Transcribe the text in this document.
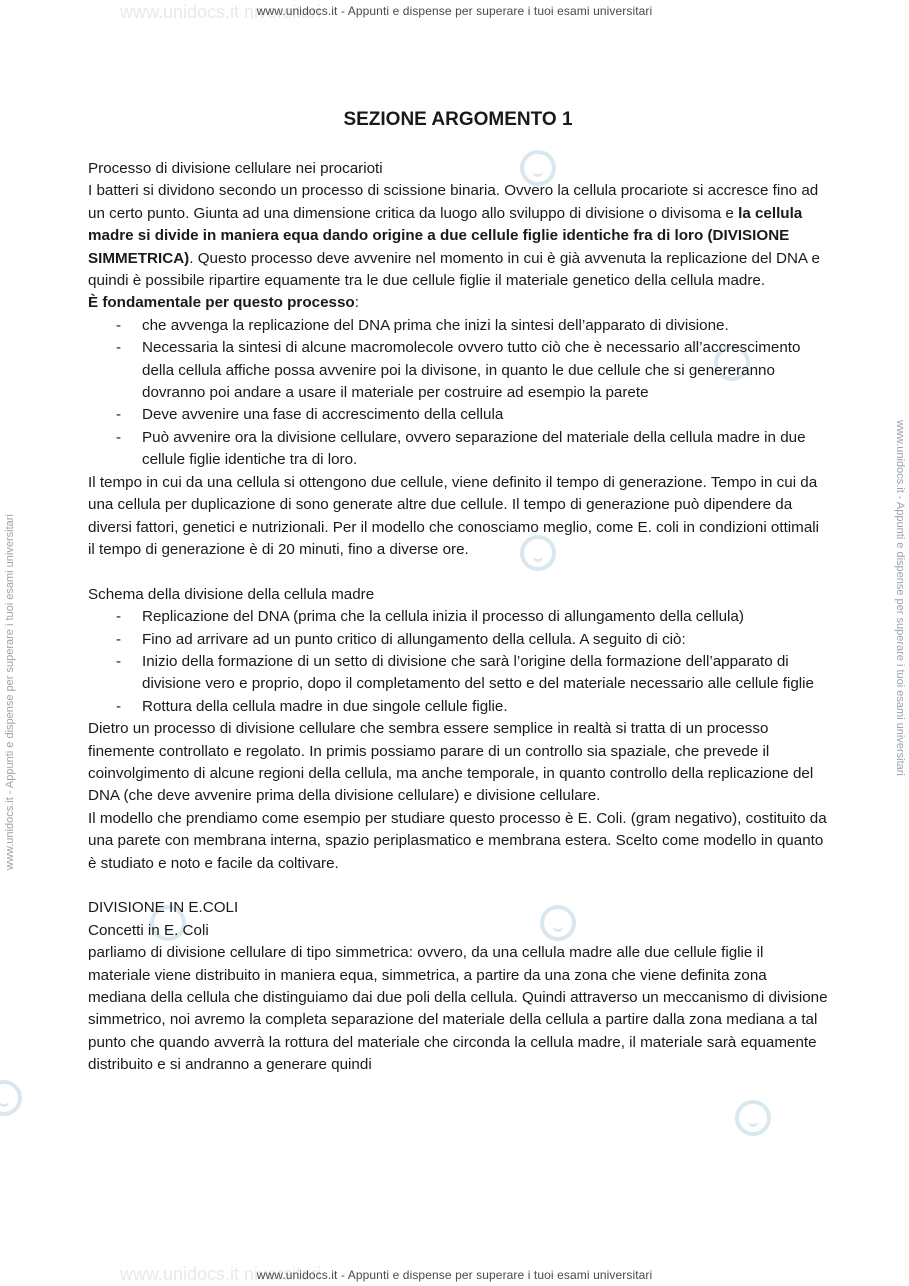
www.unidocs.it niversitari
www.unidocs.it - Appunti e dispense per superare i tuoi esami universitari
www.unidocs.it - Appunti e dispense per superare i tuoi esami universitari	www.unidocs.it - Appunti e dispense per superare i tuoi esami universitari
SEZIONE ARGOMENTO 1

Processo di divisione cellulare nei procarioti

I batteri si dividono secondo un processo di scissione binaria. Ovvero la cellula procariote si accresce fino ad un certo punto. Giunta ad una dimensione critica da luogo allo sviluppo di divisione o divisoma e la cellula madre si divide in maniera equa dando origine a due cellule figlie identiche fra di loro (DIVISIONE SIMMETRICA). Questo processo deve avvenire nel momento in cui è già avvenuta la replicazione del DNA e quindi è possibile ripartire equamente tra le due cellule figlie il materiale genetico della cellula madre.

È fondamentale per questo processo:

- che avvenga la replicazione del DNA prima che inizi la sintesi dell’apparato di divisione.
- Necessaria la sintesi di alcune macromolecole ovvero tutto ciò che è necessario all’accrescimento della cellula affiche possa avvenire poi la divisone, in quanto le due cellule che si genereranno dovranno poi andare a usare il materiale per costruire ad esempio la parete
- Deve avvenire una fase di accrescimento della cellula
- Può avvenire ora la divisione cellulare, ovvero separazione del materiale della cellula madre in due cellule figlie identiche tra di loro.

Il tempo in cui da una cellula si ottengono due cellule, viene definito il tempo di generazione. Tempo in cui da una cellula per duplicazione di sono generate altre due cellule. Il tempo di generazione può dipendere da diversi fattori, genetici e nutrizionali. Per il modello che conosciamo meglio, come E. coli in condizioni ottimali il tempo di generazione è di 20 minuti, fino a diverse ore.

Schema della divisione della cellula madre

- Replicazione del DNA (prima che la cellula inizia il processo di allungamento della cellula)
- Fino ad arrivare ad un punto critico di allungamento della cellula. A seguito di ciò:
- Inizio della formazione di un setto di divisione che sarà l’origine della formazione dell’apparato di divisione vero e proprio, dopo il completamento del setto e del materiale necessario alle cellule figlie
- Rottura della cellula madre in due singole cellule figlie.

Dietro un processo di divisione cellulare che sembra essere semplice in realtà si tratta di un processo finemente controllato e regolato. In primis possiamo parare di un controllo sia spaziale, che prevede il coinvolgimento di alcune regioni della cellula, ma anche temporale, in quanto controllo della replicazione del DNA (che deve avvenire prima della divisione cellulare) e divisione cellulare.

Il modello che prendiamo come esempio per studiare questo processo è E. Coli. (gram negativo), costituito da una parete con membrana interna, spazio periplasmatico e membrana estera. Scelto come modello in quanto è studiato e noto e facile da coltivare.

DIVISIONE IN E.COLI

Concetti in E. Coli

parliamo di divisione cellulare di tipo simmetrica: ovvero, da una cellula madre alle due cellule figlie il materiale viene distribuito in maniera equa, simmetrica, a partire da una zona che viene definita zona mediana della cellula che distinguiamo dai due poli della cellula. Quindi attraverso un meccanismo di divisione simmetrico, noi avremo la completa separazione del materiale della cellula a partire dalla zona mediana a tal punto che quando avverrà la rottura del materiale che circonda la cellula madre, il materiale sarà equamente distribuito e si andranno a generare quindi

www.unidocs.it niversitari
www.unidocs.it - Appunti e dispense per superare i tuoi esami universitari
